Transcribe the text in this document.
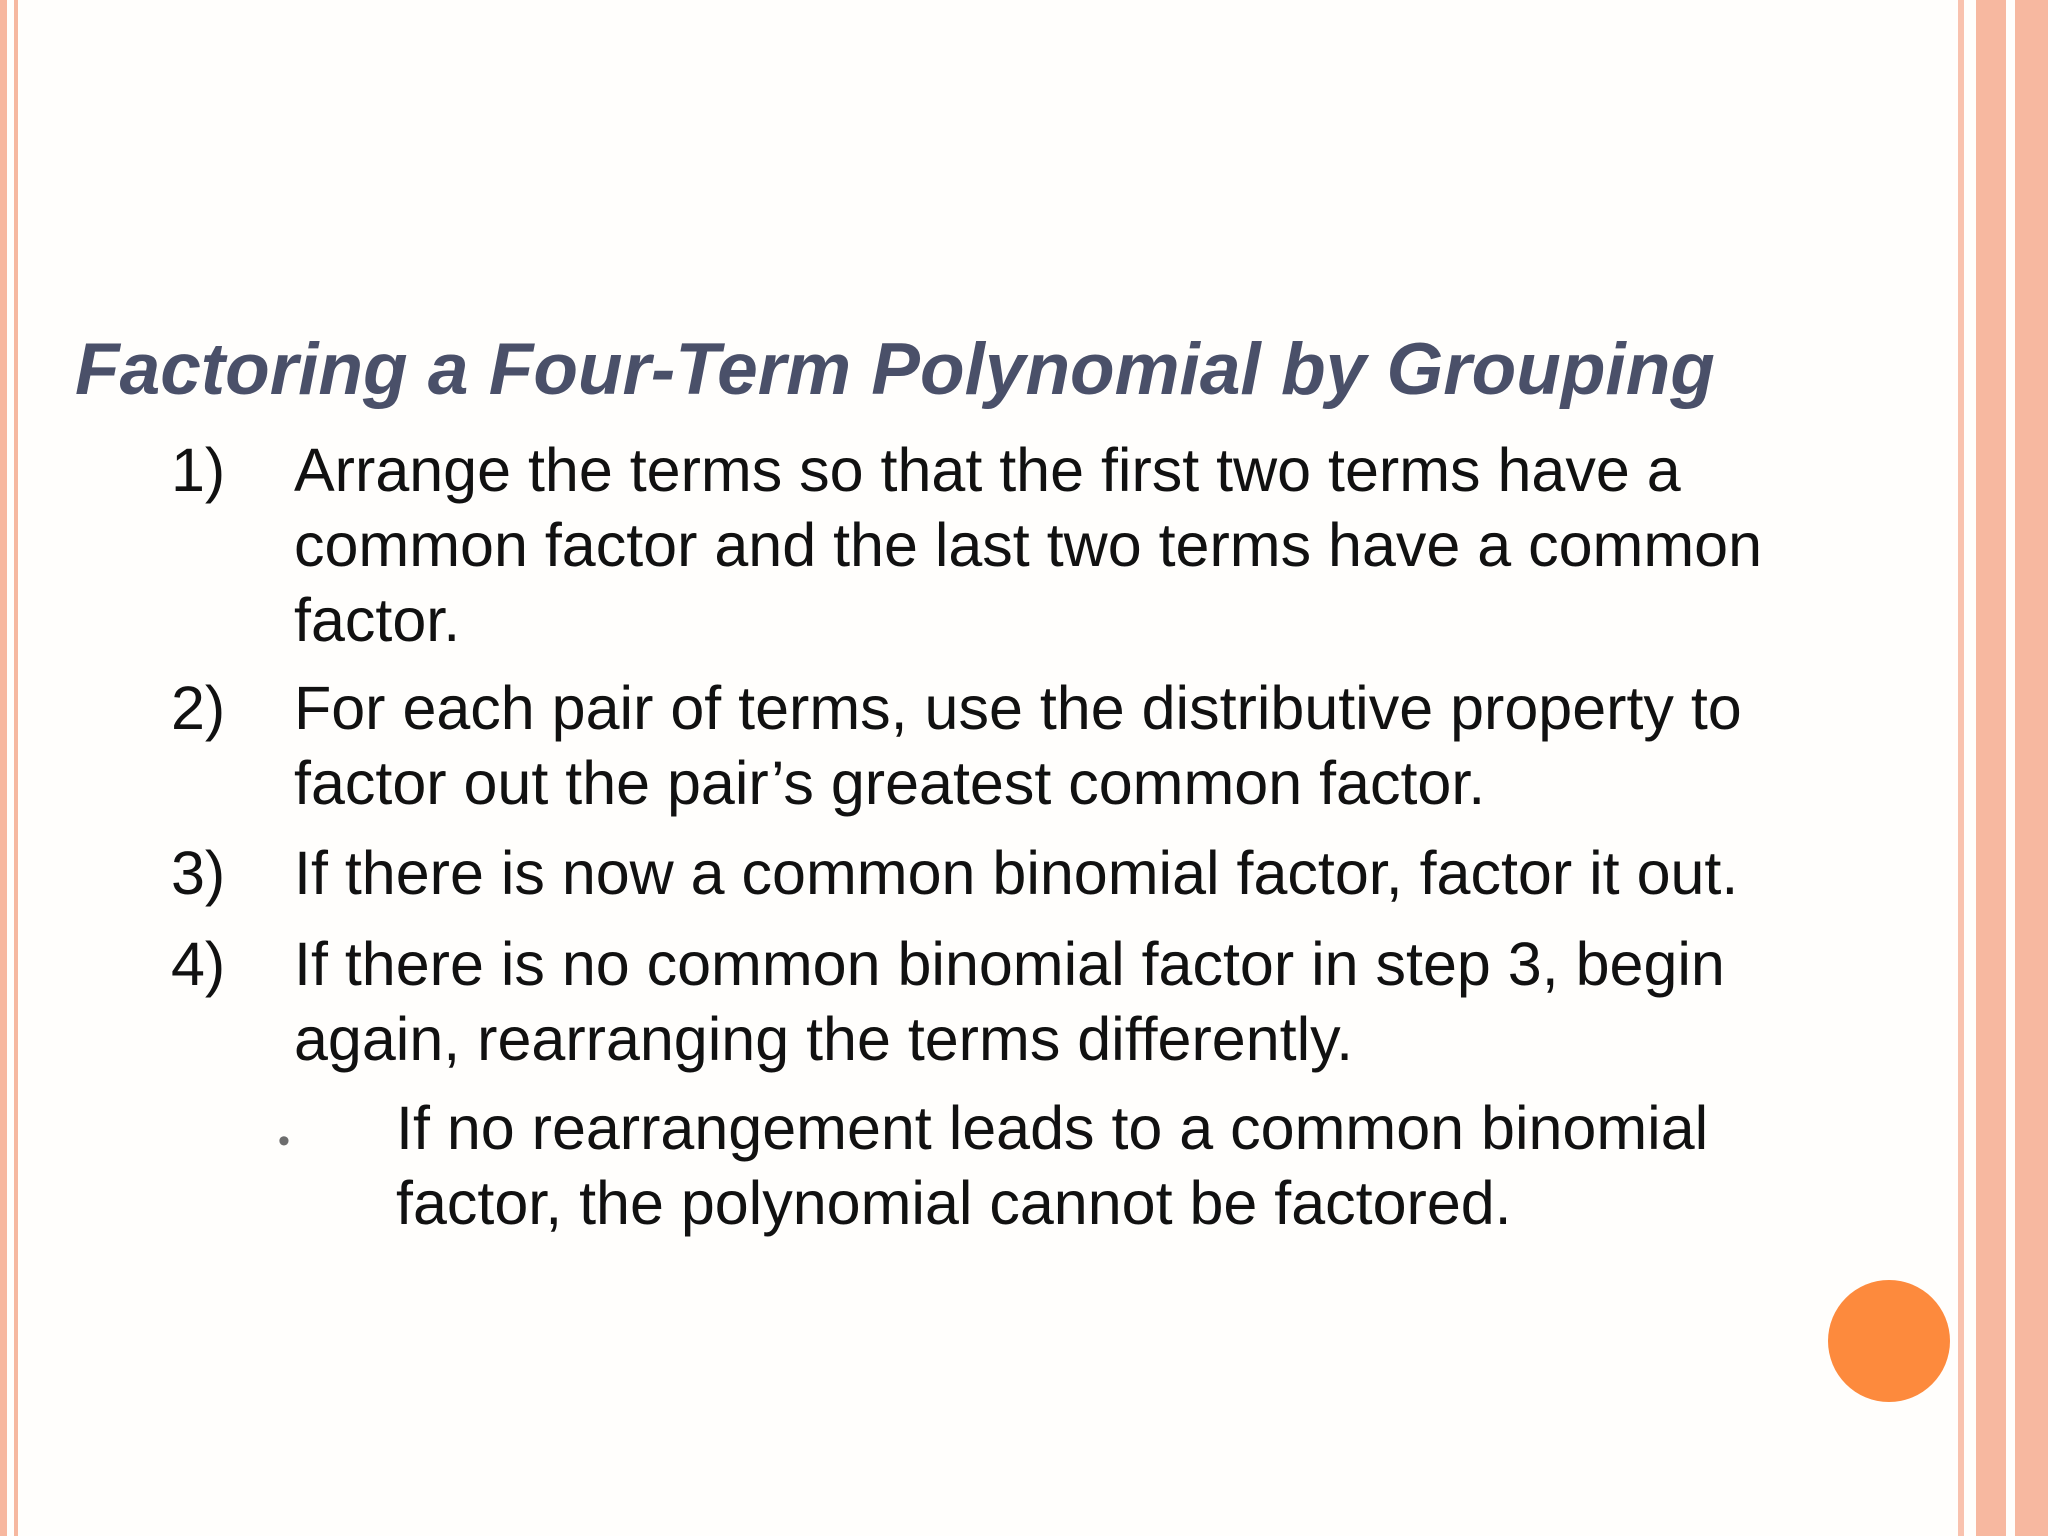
Factoring a Four-Term Polynomial by Grouping
1) Arrange the terms so that the first two terms have a common factor and the last two terms have a common factor.
2) For each pair of terms, use the distributive property to factor out the pair’s greatest common factor.
3) If there is now a common binomial factor, factor it out.
4) If there is no common binomial factor in step 3, begin again, rearranging the terms differently.
• If no rearrangement leads to a common binomial factor, the polynomial cannot be factored.
